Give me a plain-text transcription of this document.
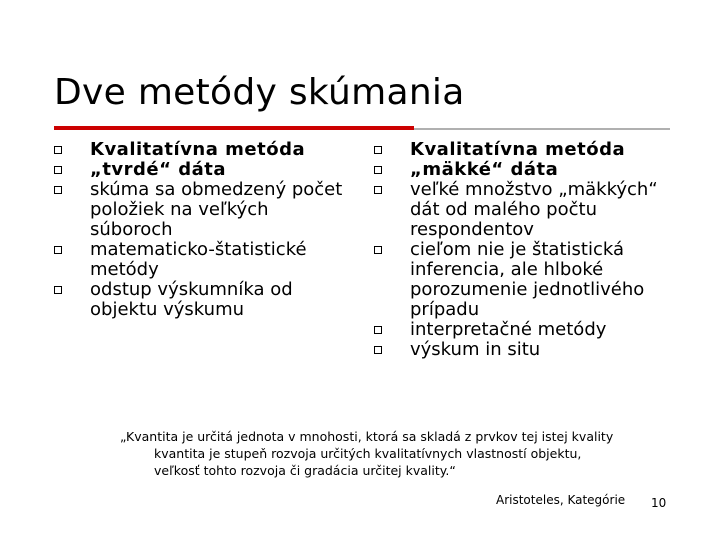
Dve metódy skúmania
Kvalitatívna metóda
„tvrdé“ dáta
skúma sa obmedzený počet položiek na veľkých súboroch
matematicko-štatistické metódy
odstup výskumníka od objektu výskumu
Kvalitatívna metóda
„mäkké“ dáta
veľké množstvo „mäkkých“ dát od malého počtu respondentov
cieľom nie je štatistická inferencia, ale hlboké porozumenie jednotlivého prípadu
interpretačné metódy
výskum in situ
„Kvantita je určitá jednota v mnohosti, ktorá sa skladá z prvkov tej istej kvality
kvantita je stupeň rozvoja určitých kvalitatívnych vlastností objektu,
veľkosť tohto rozvoja či gradácia určitej kvality.“
Aristoteles, Kategórie 10
